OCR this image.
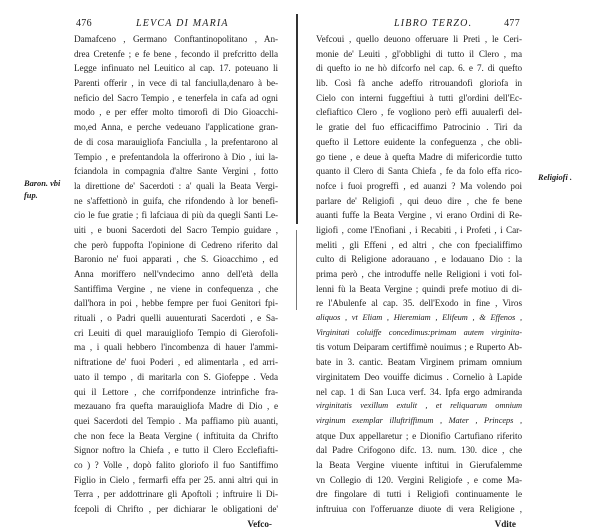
Baron. vbi
fup.
Religiofi .
476	LEVCA DI MARIA
Damafceno , Germano Conftantinopolitano , An-
drea Cretenfe ; e fe bene , fecondo il prefcritto della
Legge infinuato nel Leuitico al cap. 17. poteuano li
Parenti offerir , in vece di tal fanciulla,denaro à be-
neficio del Sacro Tempio , e tenerfela in cafa ad ogni
modo , e per effer molto timorofi di Dio Gioacchi-
mo,ed Anna, e perche vedeuano l'applicatione gran-
de di cosa marauigliofa Fanciulla , la prefentarono al
Tempio , e prefentandola la offerirono à Dio , iui la-
fciandola in compagnia d'altre Sante Vergini , fotto
la direttione de' Sacerdoti : a' quali la Beata Vergi-
ne s'affettionò in guifa, che rifondendo à lor benefi-
cio le fue gratie ; fi lafciaua di più da quegli Santi Le-
uiti , e buoni Sacerdoti del Sacro Tempio guidare ,
che però fuppofta l'opinione di Cedreno riferito dal
Baronio ne' fuoi apparati , che S. Gioacchimo , ed
Anna moriffero nell'vndecimo anno dell'età della
Santiffima Vergine , ne viene in confequenza , che
dall'hora in poi , hebbe fempre per fuoi Genitori fpi-
rituali , o Padri quelli auuenturati Sacerdoti , e Sa-
cri Leuiti di quel marauigliofo Tempio di Gierofoli-
ma , i quali hebbero l'incombenza di hauer l'ammi-
niftratione de' fuoi Poderi , ed alimentarla , ed arri-
uato il tempo , di maritarla con S. Giofeppe . Veda
qui il Lettore , che corrifpondenze intrinfiche fra-
mezauano fra quefta marauigliofa Madre di Dio , e
quei Sacerdoti del Tempio . Ma paffiamo più auanti,
che non fece la Beata Vergine ( inftituita da Chrifto
Signor noftro la Chiefa , e tutto il Clero Ecclefiafti-
co ) ? Volle , dopò falito gloriofo il fuo Santiffimo
Figlio in Cielo , fermarfi effa per 25. anni altri qui in
Terra , per addottrinare gli Apoftoli ; inftruire li Di-
fcepoli di Chrifto , per dichiarar le obligationi de'
Vefco-
LIBRO TERZO.	477
Vefcoui , quello deuono offeruare li Preti , le Ceri-
monie de' Leuiti , gl'obblighi di tutto il Clero , ma
di quefto io ne hò difcorfo nel cap. 6. e 7. di quefto
lib. Così fà anche adeffo ritrouandofi gloriofa in
Cielo con interni fuggeftiui à tutti gl'ordini dell'Ec-
clefiaftico Clero , fe vogliono però effi auualerfi del-
le gratie del fuo efficaciffimo Patrocinio . Tiri da
quefto il Lettore euidente la confeguenza , che obli-
go tiene , e deue à quefta Madre di mifericordie tutto
quanto il Clero di Santa Chiefa , fe da folo effa rico-
nofce i fuoi progreffi , ed auanzi ? Ma volendo poi
parlare de' Religiofi , qui deuo dire , che fe bene
auanti fuffe la Beata Vergine , vi erano Ordini di Re-
ligiofi , come l'Enofiani , i Recabiti , i Profeti , i Car-
meliti , gli Effeni , ed altri , che con fpecialiffimo
culto di Religione adorauano , e lodauano Dio : la
prima però , che introduffe nelle Religioni i voti fol-
lenni fù la Beata Vergine ; quindi prefe motiuo di di-
re l'Abulenfe al cap. 35. dell'Exodo in fine , Viros
aliquos , vt Eliam , Hieremiam , Elifeum , & Effenos ,
Virginitati coluiffe concedimus:primam autem virginita-
tis votum Deiparam certiffimè nouimus ; e Ruperto Ab-
bate in 3. cantic. Beatam Virginem primam omnium
virginitatem Deo vouiffe dicimus . Cornelio à Lapide
nel cap. 1 di San Luca verf. 34. Ipfa ergo admiranda
virginitatis vexillum extulit , et reliquarum omnium
virginum exemplar illuftriffimum , Mater , Princeps ,
atque Dux appellaretur ; e Dionifio Cartufiano riferito
dal Padre Crifogono difc. 13. num. 130. dice , che
la Beata Vergine viuente inftitui in Gierufalemme
vn Collegio di 120. Vergini Religiofe , e come Ma-
dre fingolare di tutti i Religiofi continuamente le
inftruiua con l'offeruanze diuote di vera Religione ,
Vdite
